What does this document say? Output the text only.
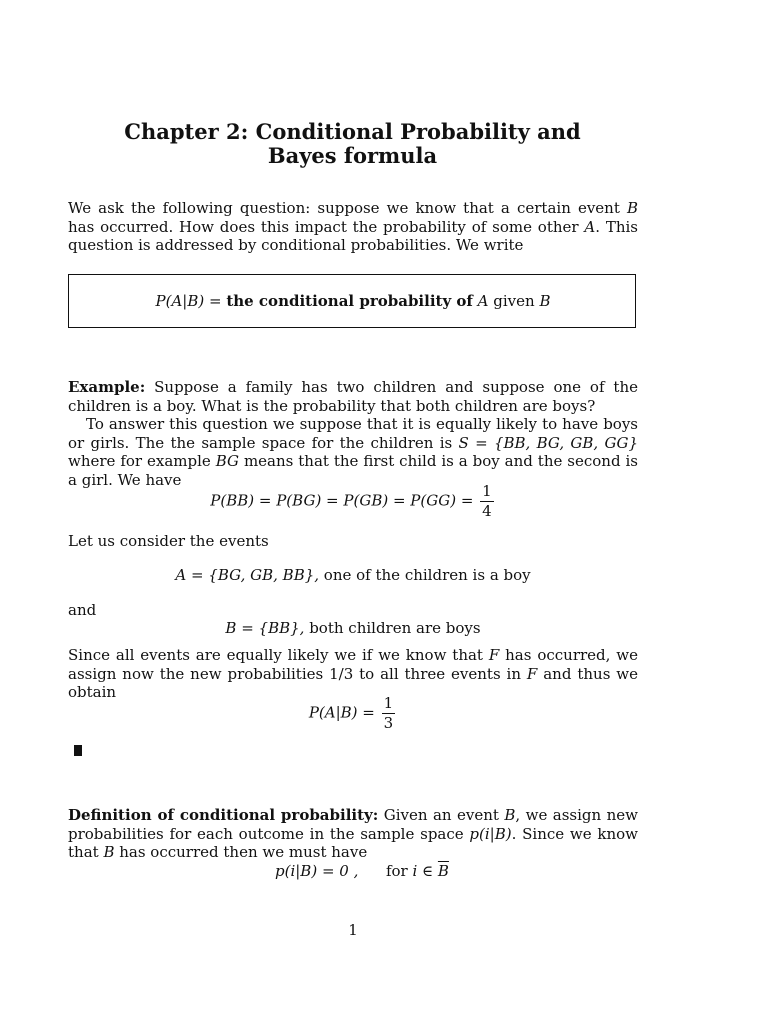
Chapter 2: Conditional Probability and Bayes formula
We ask the following question: suppose we know that a certain event B has occurred. How does this impact the probability of some other A. This question is addressed by conditional probabilities. We write
P(A|B) = the conditional probability of A given B
Example: Suppose a family has two children and suppose one of the children is a boy. What is the probability that both children are boys?
To answer this question we suppose that it is equally likely to have boys or girls. The the sample space for the children is S = {BB, BG, GB, GG} where for example BG means that the first child is a boy and the second is a girl. We have
$P(BB) = P(BG) = P(GB) = P(GG) = \frac{1}{4}$
Let us consider the events
A = {BG, GB, BB}, one of the children is a boy
and
B = {BB}, both children are boys
Since all events are equally likely we if we know that F has occurred, we assign now the new probabilities 1/3 to all three events in F and thus we obtain
$P(A|B) = \frac{1}{3}$
Definition of conditional probability: Given an event B, we assign new probabilities for each outcome in the sample space p(i|B). Since we know that B has occurred then we must have
p(i|B) = 0 , for i ∈ $\overline{B}$
1
